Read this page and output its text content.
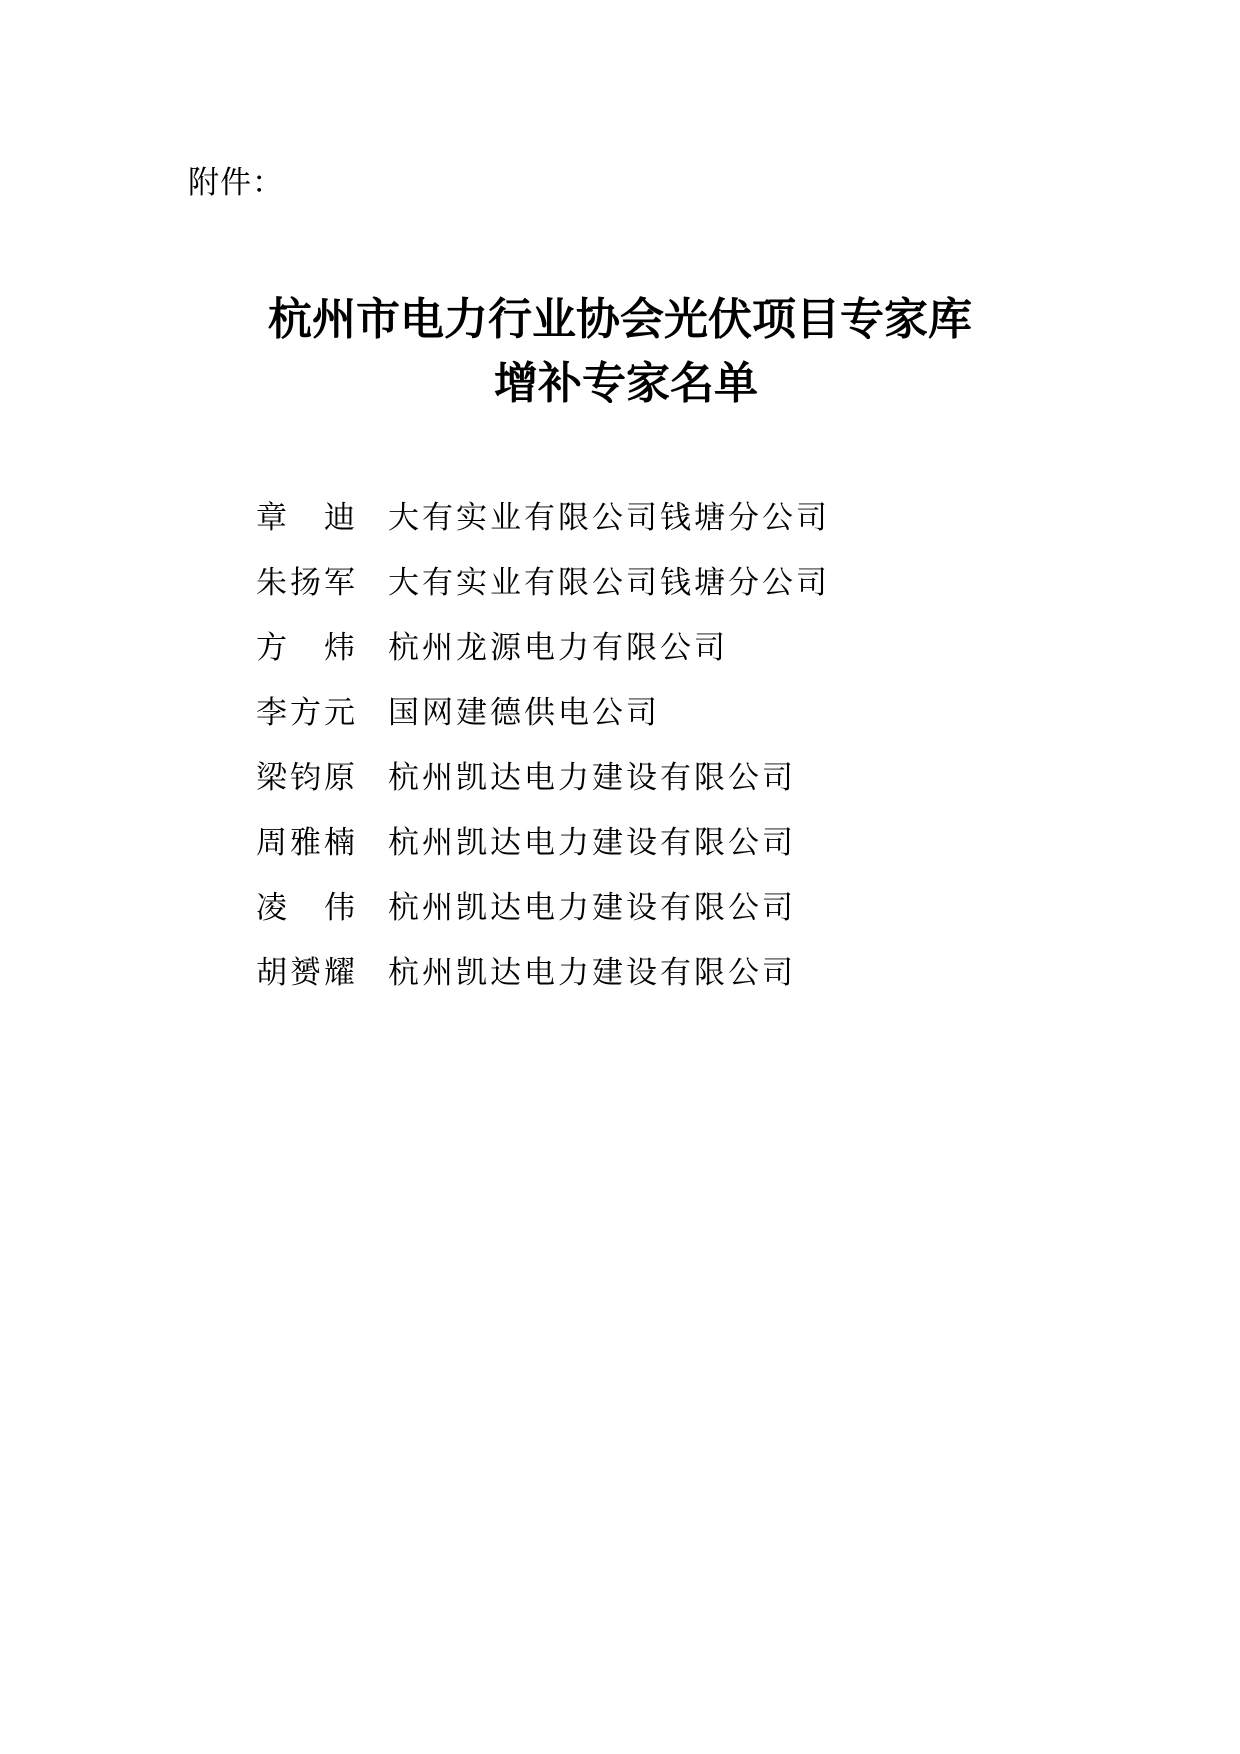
附件：
杭州市电力行业协会光伏项目专家库
增补专家名单
章　迪 大有实业有限公司钱塘分公司
朱扬军 大有实业有限公司钱塘分公司
方　炜 杭州龙源电力有限公司
李方元 国网建德供电公司
梁钧原 杭州凯达电力建设有限公司
周雅楠 杭州凯达电力建设有限公司
凌　伟 杭州凯达电力建设有限公司
胡赟耀 杭州凯达电力建设有限公司
